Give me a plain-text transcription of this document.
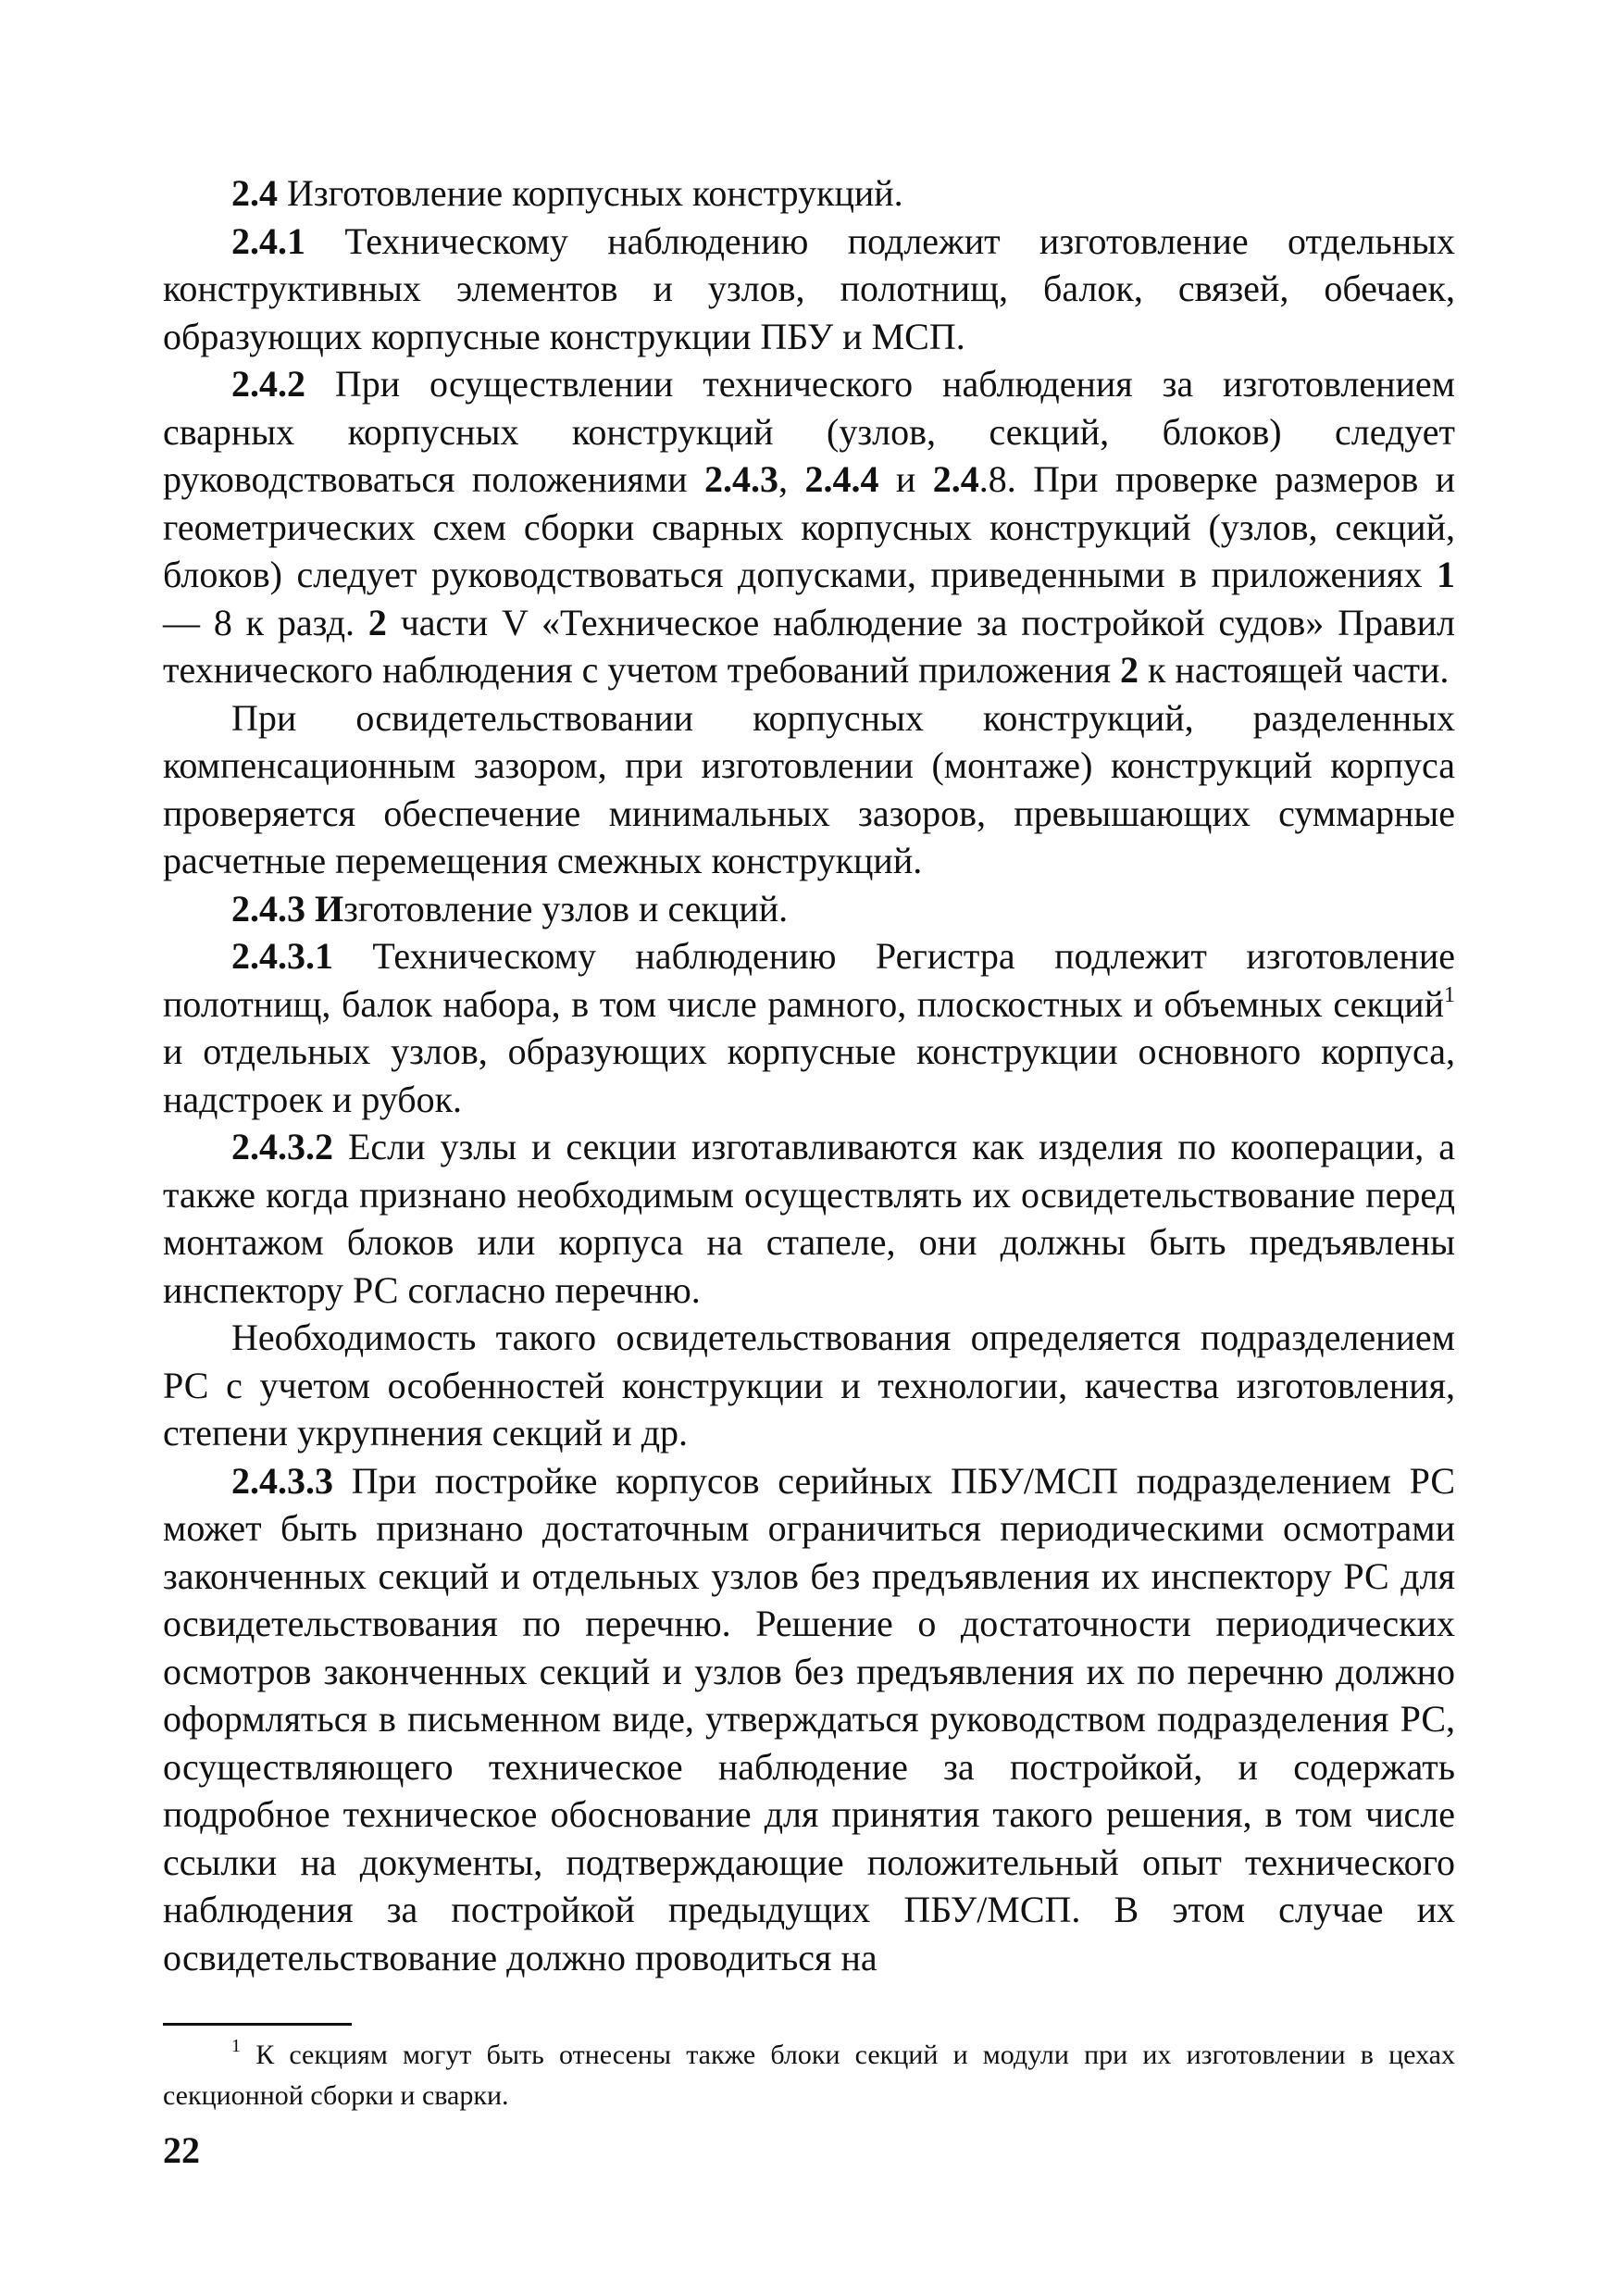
2.4 Изготовление корпусных конструкций.

2.4.1 Техническому наблюдению подлежит изготовление отдельных конструктивных элементов и узлов, полотнищ, балок, связей, обечаек, образующих корпусные конструкции ПБУ и МСП.

2.4.2 При осуществлении технического наблюдения за изготовлением сварных корпусных конструкций (узлов, секций, блоков) следует руководствоваться положениями 2.4.3, 2.4.4 и 2.4.8. При проверке размеров и геометрических схем сборки сварных корпусных конструкций (узлов, секций, блоков) следует руководствоваться допусками, приведенными в приложениях 1 — 8 к разд. 2 части V «Техническое наблюдение за постройкой судов» Правил технического наблюдения с учетом требований приложения 2 к настоящей части.

При освидетельствовании корпусных конструкций, разделенных компенсационным зазором, при изготовлении (монтаже) конструкций корпуса проверяется обеспечение минимальных зазоров, превышающих суммарные расчетные перемещения смежных конструкций.

2.4.3 Изготовление узлов и секций.

2.4.3.1 Техническому наблюдению Регистра подлежит изготовление полотнищ, балок набора, в том числе рамного, плоскостных и объемных секций$^1$ и отдельных узлов, образующих корпусные конструкции основного корпуса, надстроек и рубок.

2.4.3.2 Если узлы и секции изготавливаются как изделия по кооперации, а также когда признано необходимым осуществлять их освидетельствование перед монтажом блоков или корпуса на стапеле, они должны быть предъявлены инспектору РС согласно перечню.

Необходимость такого освидетельствования определяется подразделением РС с учетом особенностей конструкции и технологии, качества изготовления, степени укрупнения секций и др.

2.4.3.3 При постройке корпусов серийных ПБУ/МСП подразделением РС может быть признано достаточным ограничиться периодическими осмотрами законченных секций и отдельных узлов без предъявления их инспектору РС для освидетельствования по перечню. Решение о достаточности периодических осмотров законченных секций и узлов без предъявления их по перечню должно оформляться в письменном виде, утверждаться руководством подразделения РС, осуществляющего техническое наблюдение за постройкой, и содержать подробное техническое обоснование для принятия такого решения, в том числе ссылки на документы, подтверждающие положительный опыт технического наблюдения за постройкой предыдущих ПБУ/МСП. В этом случае их освидетельствование должно проводиться на

$^1$ К секциям могут быть отнесены также блоки секций и модули при их изготовлении в цехах секционной сборки и сварки.

22
